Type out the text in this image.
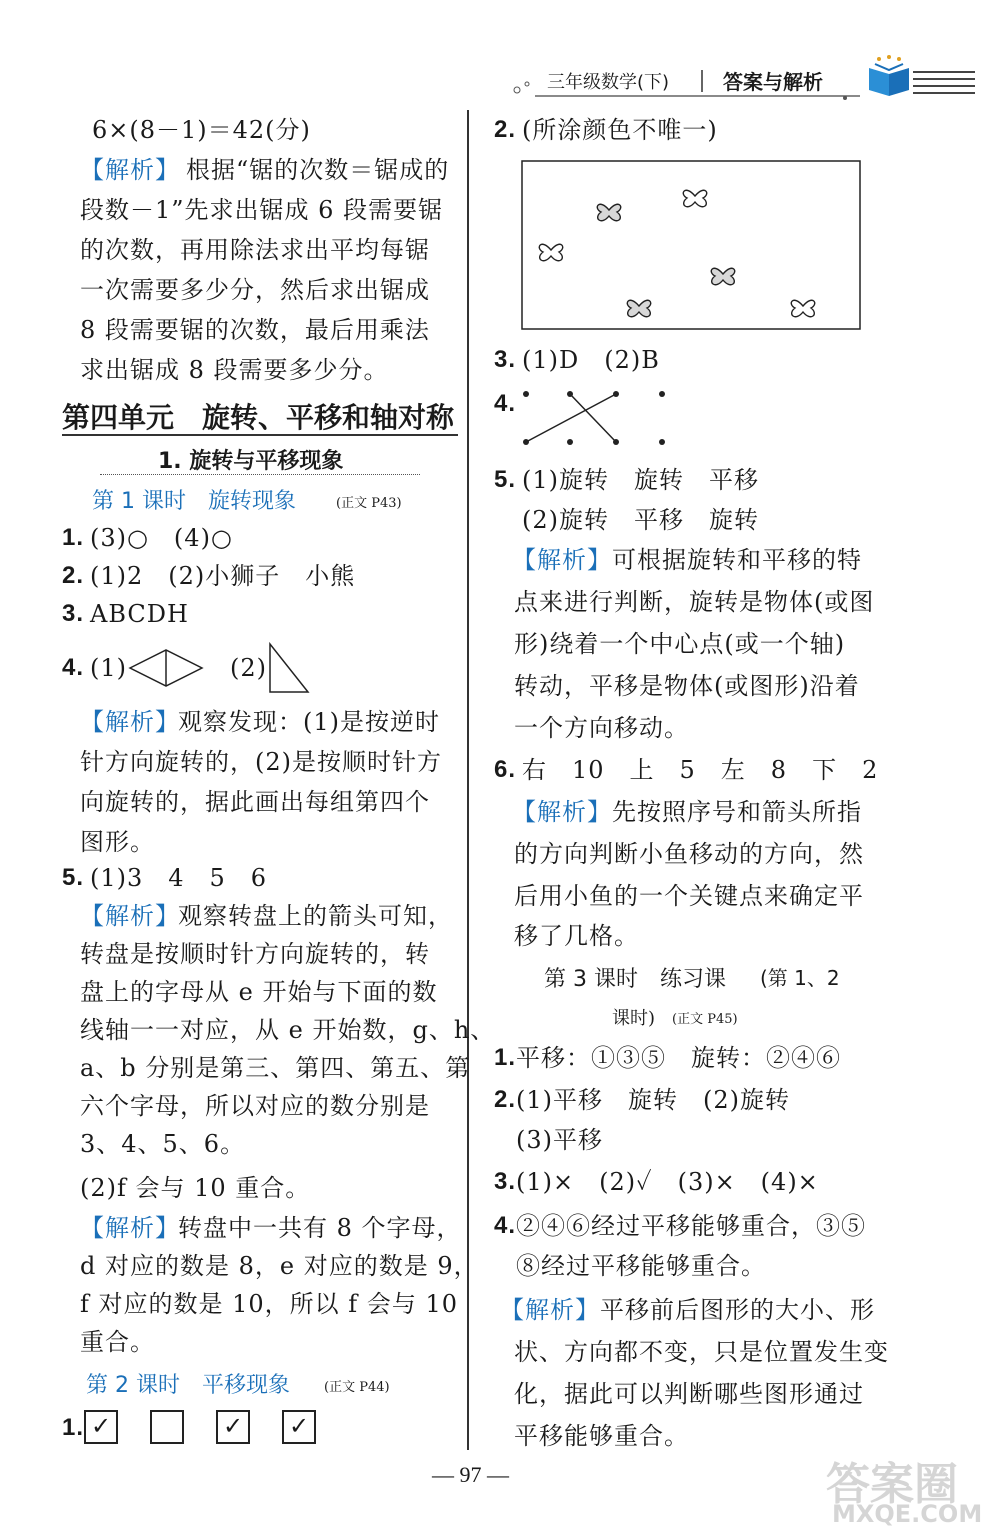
三年级数学(下)	答案与解析
6×(8－1)＝42(分)
【解析】 根据“锯的次数＝锯成的
段数－1”先求出锯成 6 段需要锯
的次数，再用除法求出平均每锯
一次需要多少分，然后求出锯成
8 段需要锯的次数，最后用乘法
求出锯成 8 段需要多少分。
第四单元　旋转、平移和轴对称
1. 旋转与平移现象
第 1 课时　旋转现象	(正文 P43)
1. (3)○　(4)○
2. (1)2　(2)小狮子　小熊
3. ABCDH
4. (1)	(2)
【解析】
观察发现：(1)是按逆时
针方向旋转的，(2)是按顺时针方
向旋转的，据此画出每组第四个
图形。
5. (1)3　4　5　6
【解析】
观察转盘上的箭头可知，
转盘是按顺时针方向旋转的，转
盘上的字母从 e 开始与下面的数
线轴一一对应，从 e 开始数，g、h、
a、b 分别是第三、第四、第五、第
六个字母，所以对应的数分别是
3、4、5、6。
(2)f 会与 10 重合。
【解析】
转盘中一共有 8 个字母，
d 对应的数是 8，e 对应的数是 9，
f 对应的数是 10，所以 f 会与 10
重合。
第 2 课时　平移现象	(正文 P44)
1. ✓	✓ ✓
2. (所涂颜色不唯一)
3. (1)D　(2)B
4.
5. (1)旋转　旋转　平移
(2)旋转　平移　旋转
【解析】 可根据旋转和平移的特
点来进行判断，旋转是物体(或图
形)绕着一个中心点(或一个轴)
转动，平移是物体(或图形)沿着
一个方向移动。
6. 右　10　上　5　左　8　下　2
【解析】 先按照序号和箭头所指
的方向判断小鱼移动的方向，然
后用小鱼的一个关键点来确定平
移了几格。
第 3 课时　练习课 (第 1、2
课时) (正文 P45)
1. 平移：①③⑤　旋转：②④⑥
2. (1)平移　旋转　(2)旋转
(3)平移
3. (1)×　(2)✓　(3)×　(4)×
4. ②④⑥经过平移能够重合，③⑤
⑧经过平移能够重合。
【解析】 平移前后图形的大小、形
状、方向都不变，只是位置发生变
化，据此可以判断哪些图形通过
平移能够重合。
— 97 —	答案圈
MXQE.COM
